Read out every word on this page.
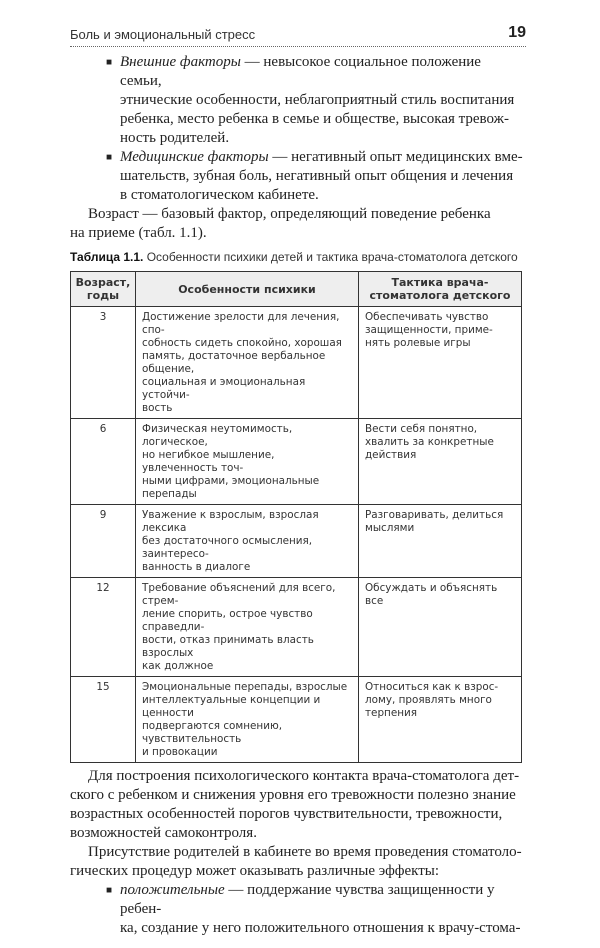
Боль и эмоциональный стресс	19
■ Внешние факторы — невысокое социальное положение семьи,
этнические особенности, неблагоприятный стиль воспитания
ребенка, место ребенка в семье и обществе, высокая тревож-
ность родителей.
■ Медицинские факторы — негативный опыт медицинских вме-
шательств, зубная боль, негативный опыт общения и лечения
в стоматологическом кабинете.
Возраст — базовый фактор, определяющий поведение ребенка
на приеме (табл. 1.1).
Таблица 1.1. Особенности психики детей и тактика врача-стоматолога детского
Возраст,
годы	Особенности психики	Тактика врача-
стоматолога детского
3	Достижение зрелости для лечения, спо-
собность сидеть спокойно, хорошая
память, достаточное вербальное общение,
социальная и эмоциональная устойчи-
вость	Обеспечивать чувство
защищенности, приме-
нять ролевые игры
6	Физическая неутомимость, логическое,
но негибкое мышление, увлеченность точ-
ными цифрами, эмоциональные перепады	Вести себя понятно,
хвалить за конкретные
действия
9	Уважение к взрослым, взрослая лексика
без достаточного осмысления, заинтересо-
ванность в диалоге	Разговаривать, делиться
мыслями
12	Требование объяснений для всего, стрем-
ление спорить, острое чувство справедли-
вости, отказ принимать власть взрослых
как должное	Обсуждать и объяснять
все
15	Эмоциональные перепады, взрослые
интеллектуальные концепции и ценности
подвергаются сомнению, чувствительность
и провокации	Относиться как к взрос-
лому, проявлять много
терпения
Для построения психологического контакта врача-стоматолога дет-
ского с ребенком и снижения уровня его тревожности полезно знание
возрастных особенностей порогов чувствительности, тревожности,
возможностей самоконтроля.
Присутствие родителей в кабинете во время проведения стоматоло-
гических процедур может оказывать различные эффекты:
■ положительные — поддержание чувства защищенности у ребен-
ка, создание у него положительного отношения к врачу-стома-
